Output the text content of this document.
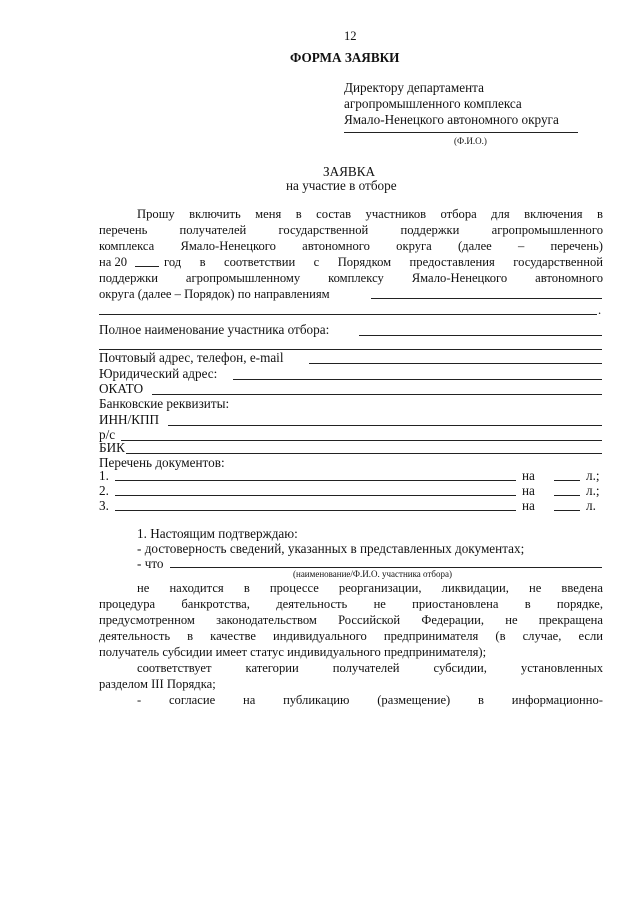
12
ФОРМА ЗАЯВКИ
Директору департамента
агропромышленного комплекса
Ямало-Ненецкого автономного округа
(Ф.И.О.)
ЗАЯВКА
на участие в отборе
Прошу включить меня в состав участников отбора для включения в
перечень получателей государственной поддержки агропромышленного
комплекса Ямало-Ненецкого автономного округа (далее – перечень)
на 20	год в соответствии с Порядком предоставления государственной
поддержки агропромышленному комплексу Ямало-Ненецкого автономного
округа (далее – Порядок) по направлениям
.
Полное наименование участника отбора:
Почтовый адрес, телефон, e-mail
Юридический адрес:
ОКАТО
Банковские реквизиты:
ИНН/КПП
р/с
БИК
Перечень документов:
1.	на	л.;
2.	на	л.;
3.	на	л.
1. Настоящим подтверждаю:
- достоверность сведений, указанных в представленных документах;
- что
(наименование/Ф.И.О. участника отбора)
не находится в процессе реорганизации, ликвидации, не введена
процедура банкротства, деятельность не приостановлена в порядке,
предусмотренном законодательством Российской Федерации, не прекращена
деятельность в качестве индивидуального предпринимателя (в случае, если
получатель субсидии имеет статус индивидуального предпринимателя);
соответствует категории получателей субсидии, установленных
разделом III Порядка;
- согласие на публикацию (размещение) в информационно-
